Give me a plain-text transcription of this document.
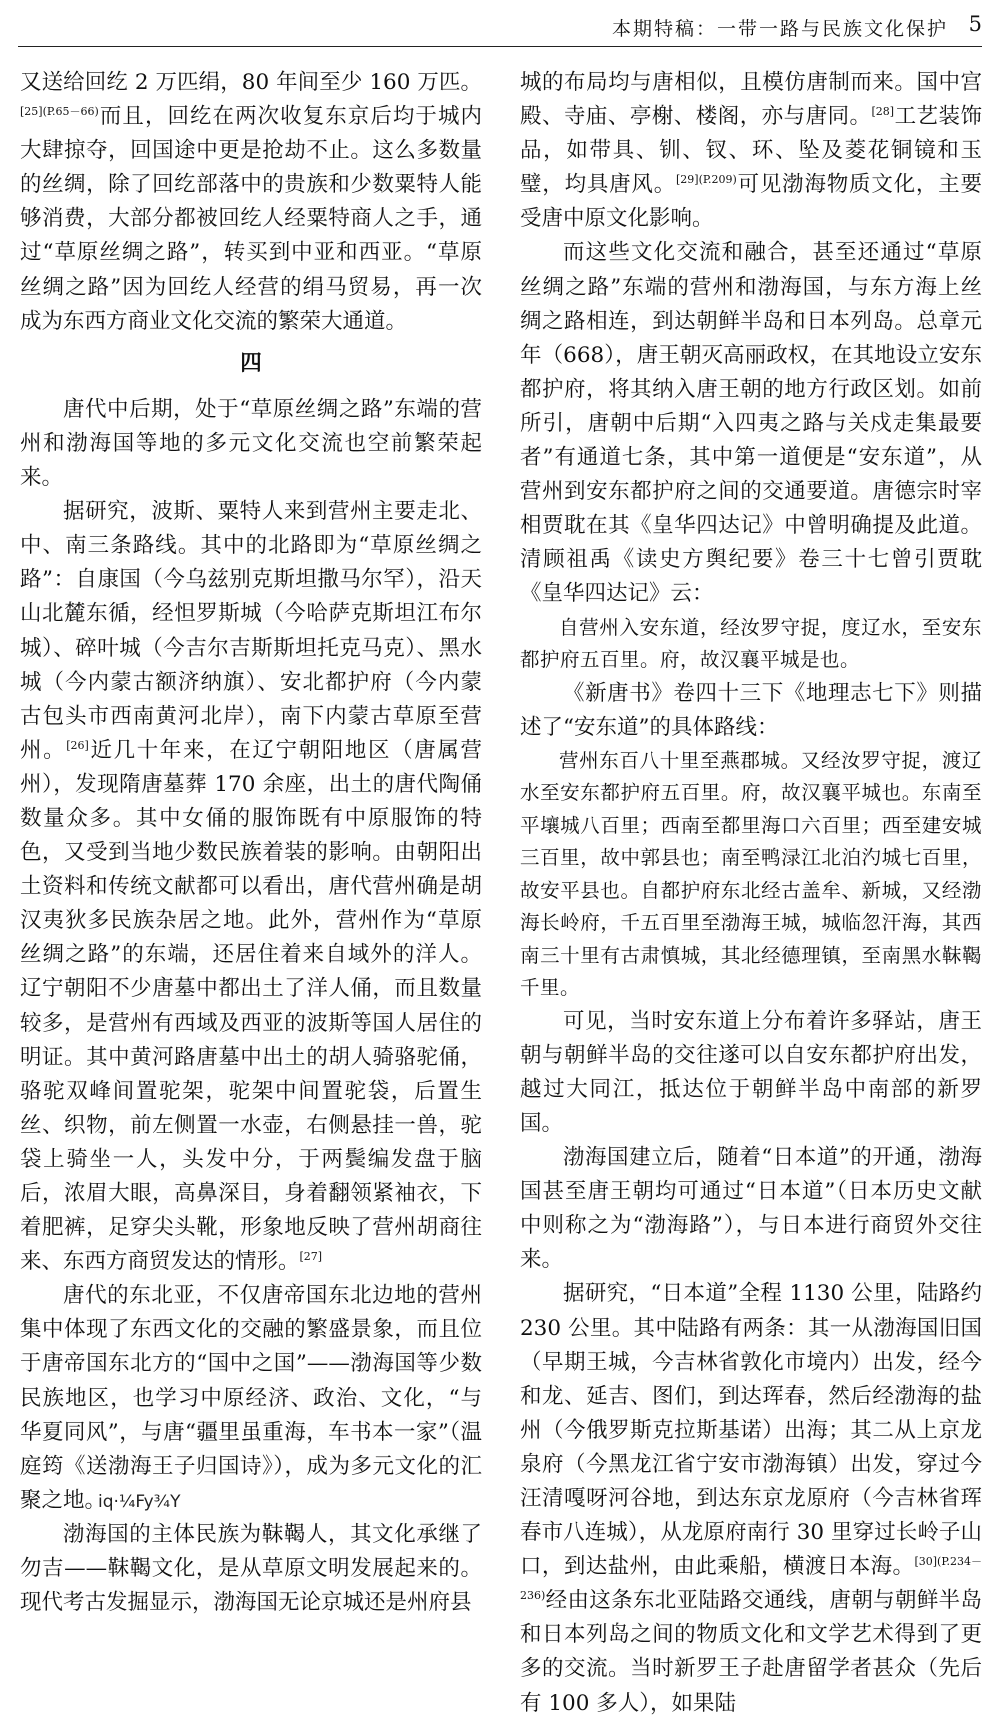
本期特稿：一带一路与民族文化保护 5

又送给回纥 2 万匹绢，80 年间至少 160 万匹。$^{[25](P.65-66)}$而且，回纥在两次收复东京后均于城内大肆掠夺，回国途中更是抢劫不止。这么多数量的丝绸，除了回纥部落中的贵族和少数粟特人能够消费，大部分都被回纥人经粟特商人之手，通过“草原丝绸之路”，转买到中亚和西亚。“草原丝绸之路”因为回纥人经营的绢马贸易，再一次成为东西方商业文化交流的繁荣大通道。

四

唐代中后期，处于“草原丝绸之路”东端的营州和渤海国等地的多元文化交流也空前繁荣起来。

据研究，波斯、粟特人来到营州主要走北、中、南三条路线。其中的北路即为“草原丝绸之路”：自康国（今乌兹别克斯坦撒马尔罕），沿天山北麓东循，经怛罗斯城（今哈萨克斯坦江布尔城）、碎叶城（今吉尔吉斯斯坦托克马克）、黑水城（今内蒙古额济纳旗）、安北都护府（今内蒙古包头市西南黄河北岸），南下内蒙古草原至营州。[26]近几十年来，在辽宁朝阳地区（唐属营州），发现隋唐墓葬 170 余座，出土的唐代陶俑数量众多。其中女俑的服饰既有中原服饰的特色，又受到当地少数民族着装的影响。由朝阳出土资料和传统文献都可以看出，唐代营州确是胡汉夷狄多民族杂居之地。此外，营州作为“草原丝绸之路”的东端，还居住着来自域外的洋人。辽宁朝阳不少唐墓中都出土了洋人俑，而且数量较多，是营州有西域及西亚的波斯等国人居住的明证。其中黄河路唐墓中出土的胡人骑骆驼俑，骆驼双峰间置驼架，驼架中间置驼袋，后置生丝、织物，前左侧置一水壶，右侧悬挂一兽，驼袋上骑坐一人，头发中分，于两鬓编发盘于脑后，浓眉大眼，高鼻深目，身着翻领紧袖衣，下着肥裤，足穿尖头靴，形象地反映了营州胡商往来、东西方商贸发达的情形。[27]

唐代的东北亚，不仅唐帝国东北边地的营州集中体现了东西文化的交融的繁盛景象，而且位于唐帝国东北方的“国中之国”——渤海国等少数民族地区，也学习中原经济、政治、文化，“与华夏同风”，与唐“疆里虽重海，车书本一家”（温庭筠《送渤海王子归国诗》），成为多元文化的汇聚之地。

渤海国的主体民族为靺鞨人，其文化承继了勿吉——靺鞨文化，是从草原文明发展起来的。现代考古发掘显示，渤海国无论京城还是州府县

iq·¼Fy¾Y

城的布局均与唐相似，且模仿唐制而来。国中宫殿、寺庙、亭榭、楼阁，亦与唐同。[28]工艺装饰品，如带具、钏、钗、环、坠及菱花铜镜和玉璧，均具唐风。$^{[29](P.209)}$可见渤海物质文化，主要受唐中原文化影响。

而这些文化交流和融合，甚至还通过“草原丝绸之路”东端的营州和渤海国，与东方海上丝绸之路相连，到达朝鲜半岛和日本列岛。总章元年（668），唐王朝灭高丽政权，在其地设立安东都护府，将其纳入唐王朝的地方行政区划。如前所引，唐朝中后期“入四夷之路与关戍走集最要者”有通道七条，其中第一道便是“安东道”，从营州到安东都护府之间的交通要道。唐德宗时宰相贾耽在其《皇华四达记》中曾明确提及此道。清顾祖禹《读史方舆纪要》卷三十七曾引贾耽《皇华四达记》云：

自营州入安东道，经汝罗守捉，度辽水，至安东都护府五百里。府，故汉襄平城是也。

《新唐书》卷四十三下《地理志七下》则描述了“安东道”的具体路线：

营州东百八十里至燕郡城。又经汝罗守捉，渡辽水至安东都护府五百里。府，故汉襄平城也。东南至平壤城八百里；西南至都里海口六百里；西至建安城三百里，故中郭县也；南至鸭渌江北泊汋城七百里，故安平县也。自都护府东北经古盖牟、新城，又经渤海长岭府，千五百里至渤海王城，城临忽汗海，其西南三十里有古肃慎城，其北经德理镇，至南黑水靺鞨千里。

可见，当时安东道上分布着许多驿站，唐王朝与朝鲜半岛的交往遂可以自安东都护府出发，越过大同江，抵达位于朝鲜半岛中南部的新罗国。

渤海国建立后，随着“日本道”的开通，渤海国甚至唐王朝均可通过“日本道”（日本历史文献中则称之为“渤海路”），与日本进行商贸外交往来。

据研究，“日本道”全程 1130 公里，陆路约 230 公里。其中陆路有两条：其一从渤海国旧国（早期王城，今吉林省敦化市境内）出发，经今和龙、延吉、图们，到达珲春，然后经渤海的盐州（今俄罗斯克拉斯基诺）出海；其二从上京龙泉府（今黑龙江省宁安市渤海镇）出发，穿过今汪清嘎呀河谷地，到达东京龙原府（今吉林省珲春市八连城），从龙原府南行 30 里穿过长岭子山口，到达盐州，由此乘船，横渡日本海。$^{[30](P.234-236)}$经由这条东北亚陆路交通线，唐朝与朝鲜半岛和日本列岛之间的物质文化和文学艺术得到了更多的交流。当时新罗王子赴唐留学者甚众（先后有 100 多人），如果陆
